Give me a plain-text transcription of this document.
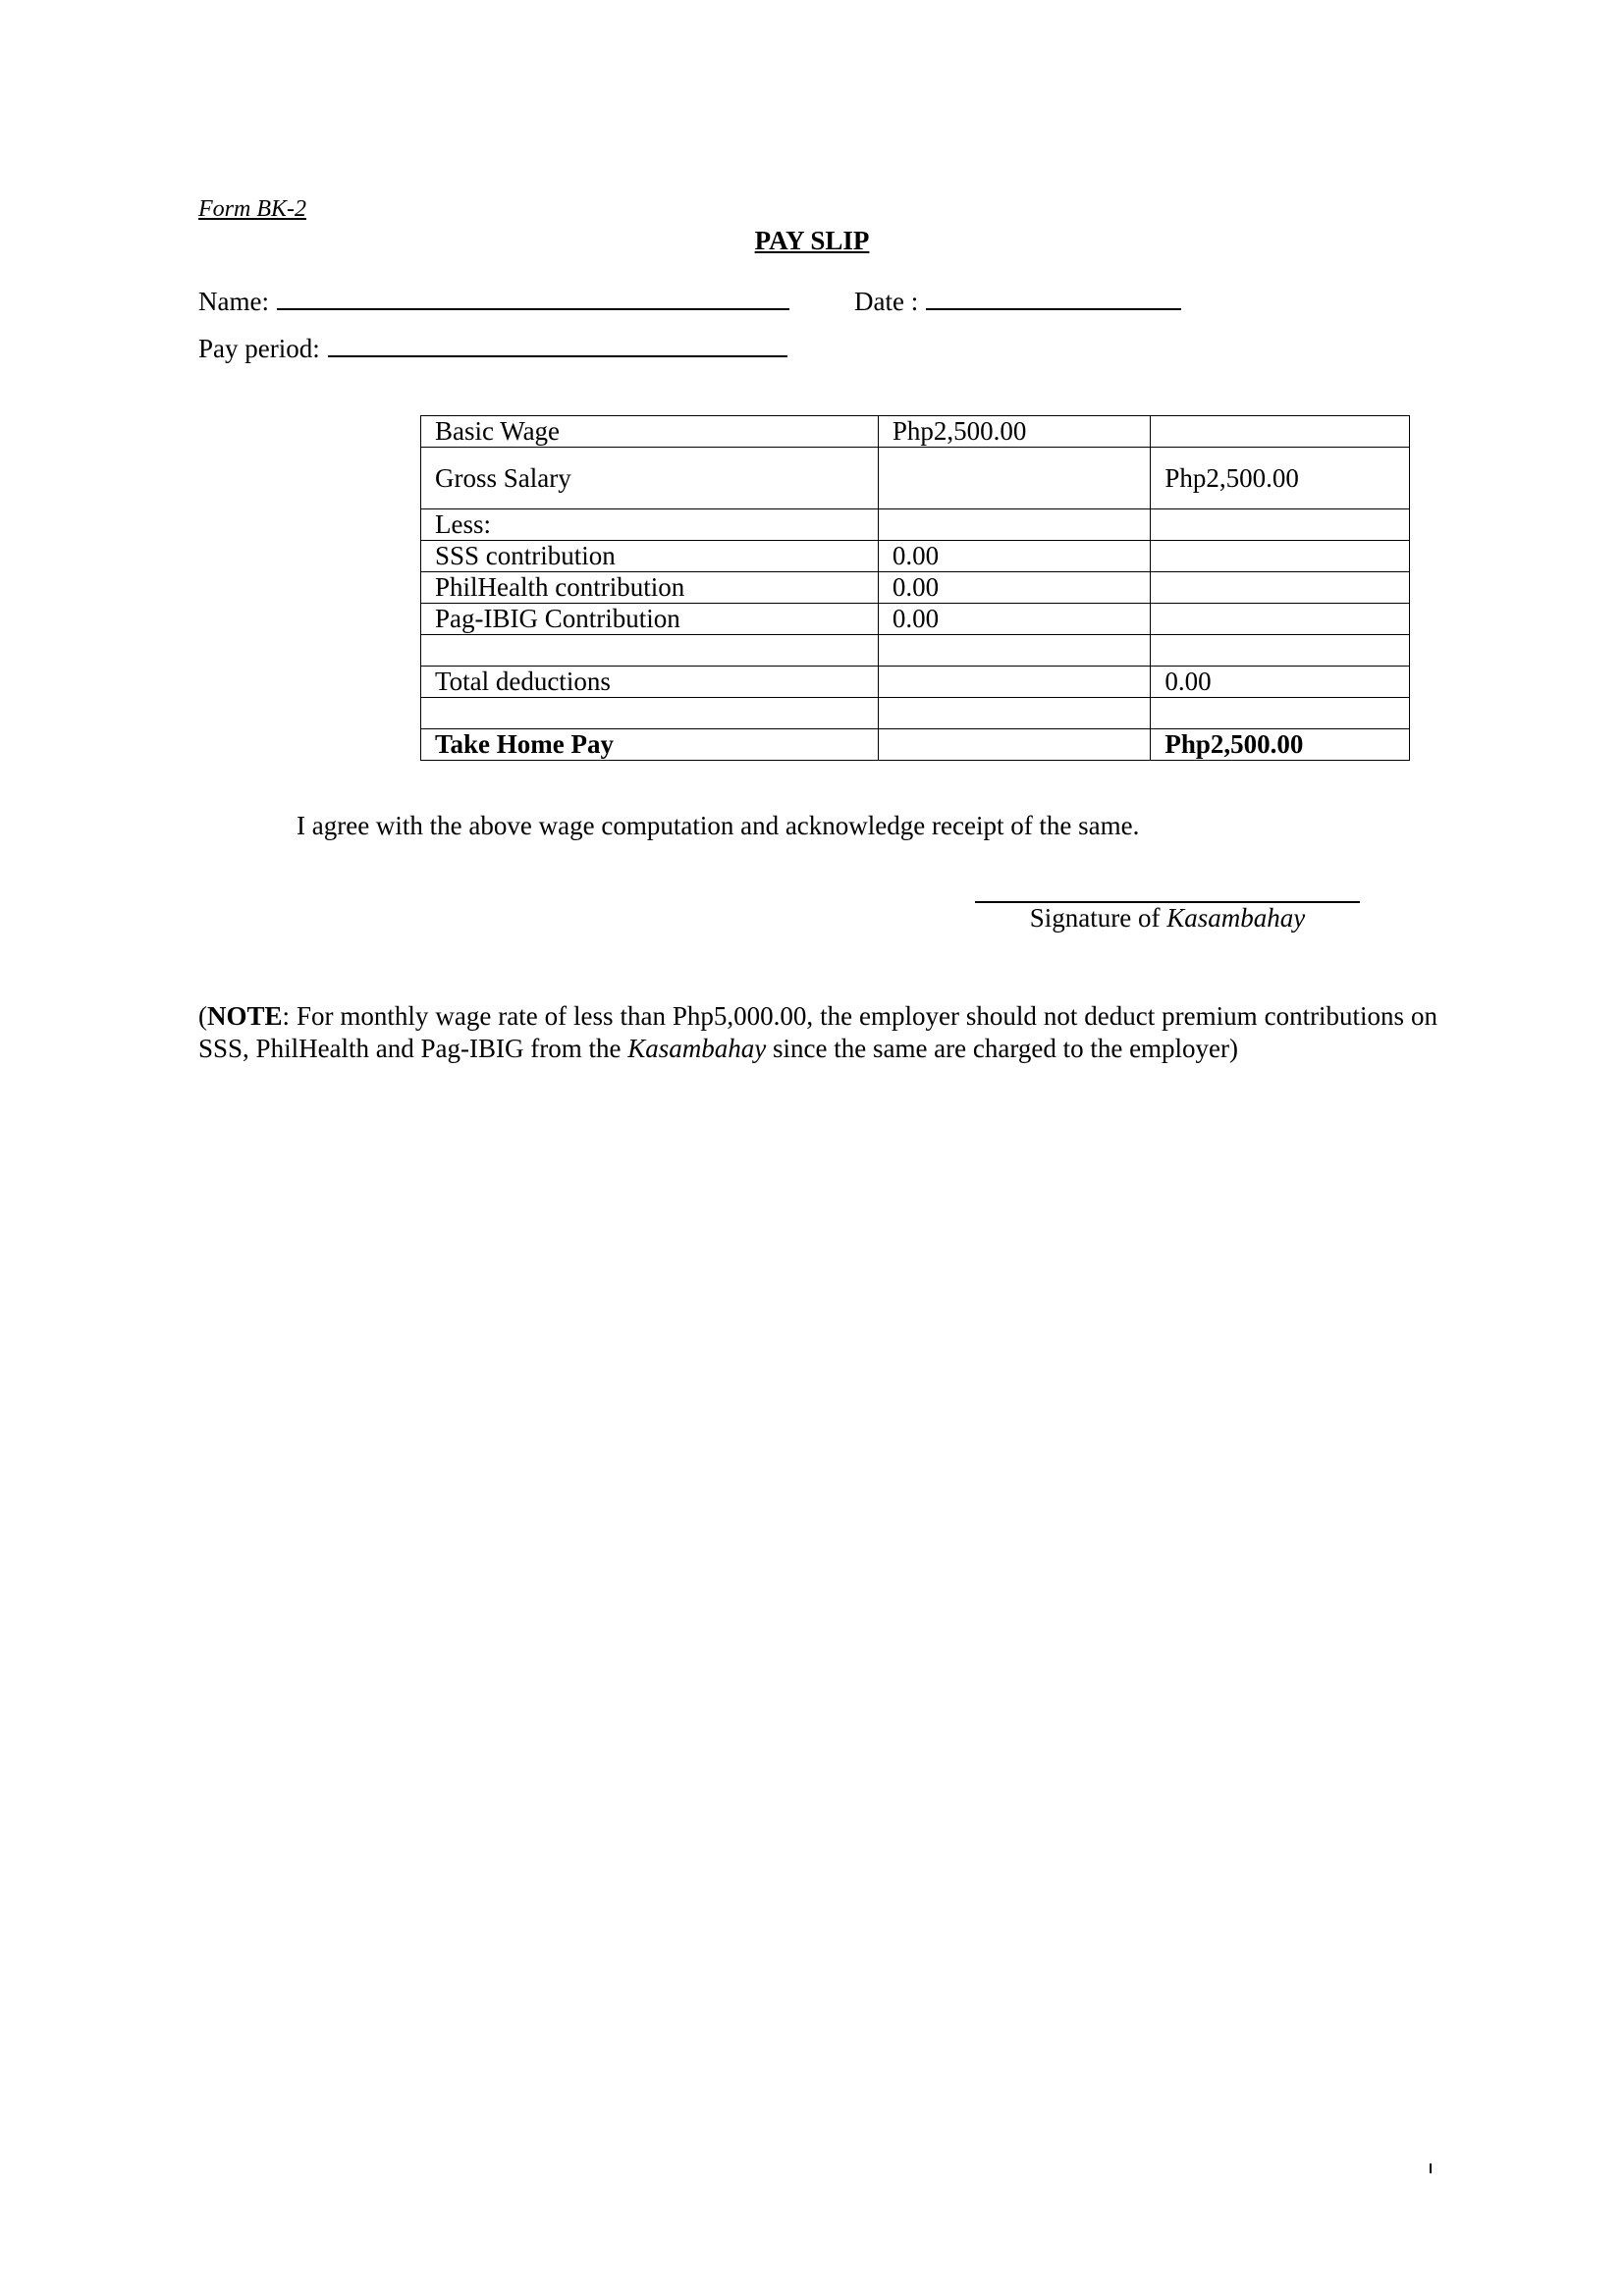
Form BK-2
PAY SLIP
Name:	Date :
Pay period:
Basic Wage	Php2,500.00	
Gross Salary		Php2,500.00
Less:		
SSS contribution	0.00	
PhilHealth contribution	0.00	
Pag-IBIG Contribution	0.00	

Total deductions		0.00

Take Home Pay		Php2,500.00
I agree with the above wage computation and acknowledge receipt of the same.
Signature of Kasambahay
(NOTE: For monthly wage rate of less than Php5,000.00, the employer should not deduct premium contributions on SSS, PhilHealth and Pag-IBIG from the Kasambahay since the same are charged to the employer)
